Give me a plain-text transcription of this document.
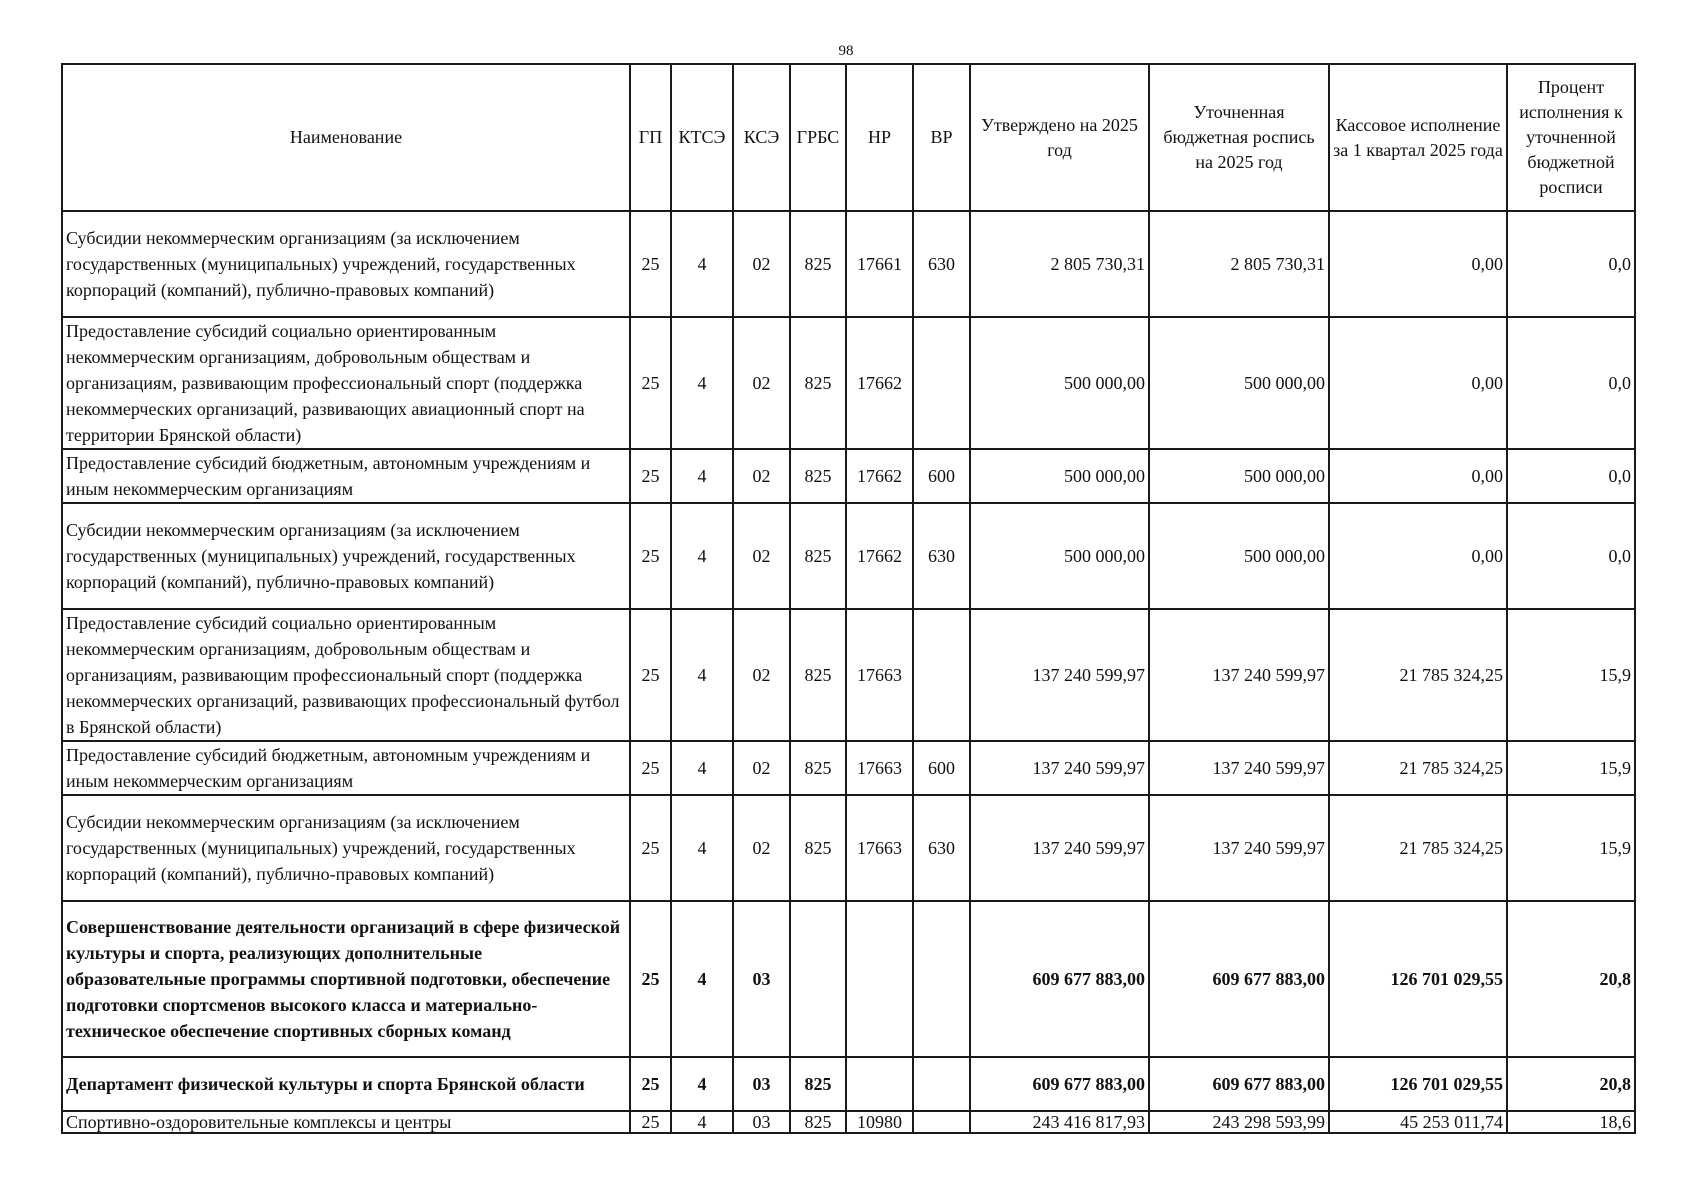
98
Наименование	ГП	КТСЭ	КСЭ	ГРБС	НР	ВР	Утверждено на 2025 год	Уточненная бюджетная роспись на 2025 год	Кассовое исполнение за 1 квартал 2025 года	Процент исполнения к уточненной бюджетной росписи
Субсидии некоммерческим организациям (за исключением государственных (муниципальных) учреждений, государственных корпораций (компаний), публично-правовых компаний)	25	4	02	825	17661	630	2 805 730,31	2 805 730,31	0,00	0,0
Предоставление субсидий социально ориентированным некоммерческим организациям, добровольным обществам и организациям, развивающим профессиональный спорт (поддержка некоммерческих организаций, развивающих авиационный спорт на территории Брянской области)	25	4	02	825	17662		500 000,00	500 000,00	0,00	0,0
Предоставление субсидий бюджетным, автономным учреждениям и иным некоммерческим организациям	25	4	02	825	17662	600	500 000,00	500 000,00	0,00	0,0
Субсидии некоммерческим организациям (за исключением государственных (муниципальных) учреждений, государственных корпораций (компаний), публично-правовых компаний)	25	4	02	825	17662	630	500 000,00	500 000,00	0,00	0,0
Предоставление субсидий социально ориентированным некоммерческим организациям, добровольным обществам и организациям, развивающим профессиональный спорт (поддержка некоммерческих организаций, развивающих профессиональный футбол в Брянской области)	25	4	02	825	17663		137 240 599,97	137 240 599,97	21 785 324,25	15,9
Предоставление субсидий бюджетным, автономным учреждениям и иным некоммерческим организациям	25	4	02	825	17663	600	137 240 599,97	137 240 599,97	21 785 324,25	15,9
Субсидии некоммерческим организациям (за исключением государственных (муниципальных) учреждений, государственных корпораций (компаний), публично-правовых компаний)	25	4	02	825	17663	630	137 240 599,97	137 240 599,97	21 785 324,25	15,9
Совершенствование деятельности организаций в сфере физической культуры и спорта, реализующих дополнительные образовательные программы спортивной подготовки, обеспечение подготовки спортсменов высокого класса и материально-техническое обеспечение спортивных сборных команд	25	4	03				609 677 883,00	609 677 883,00	126 701 029,55	20,8
Департамент физической культуры и спорта Брянской области	25	4	03	825			609 677 883,00	609 677 883,00	126 701 029,55	20,8
Спортивно-оздоровительные комплексы и центры	25	4	03	825	10980		243 416 817,93	243 298 593,99	45 253 011,74	18,6
